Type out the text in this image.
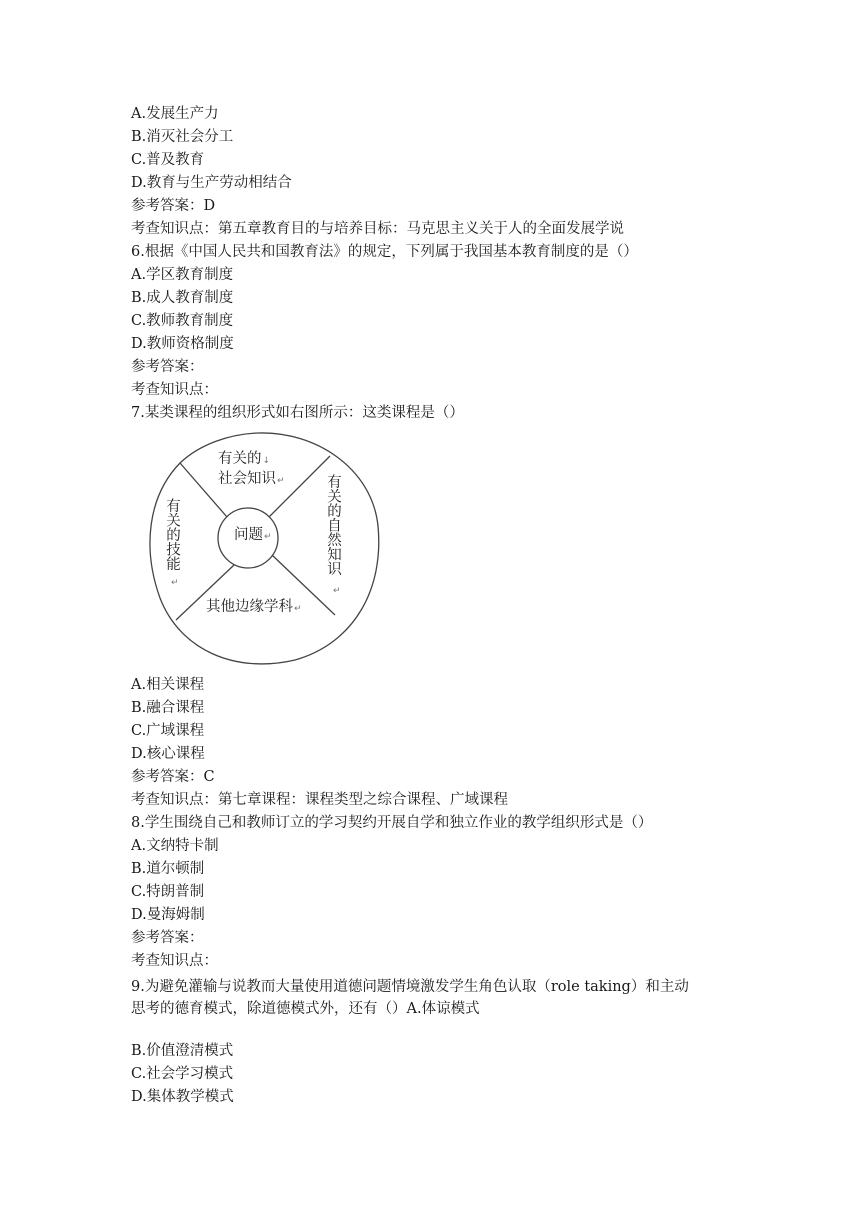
A.发展生产力
B.消灭社会分工
C.普及教育
D.教育与生产劳动相结合
参考答案：D
考查知识点：第五章教育目的与培养目标：马克思主义关于人的全面发展学说
6.根据《中国人民共和国教育法》的规定，下列属于我国基本教育制度的是（）
A.学区教育制度
B.成人教育制度
C.教师教育制度
D.教师资格制度
参考答案：
考查知识点：
7.某类课程的组织形式如右图所示：这类课程是（）
有关的↓
社会知识↵	有关的自然知识
↵
有关的技能
↵
其他边缘学科↵
问题↵
A.相关课程
B.融合课程
C.广域课程
D.核心课程
参考答案：C
考查知识点：第七章课程：课程类型之综合课程、广域课程
8.学生围绕自己和教师订立的学习契约开展自学和独立作业的教学组织形式是（）
A.文纳特卡制
B.道尔顿制
C.特朗普制
D.曼海姆制
参考答案：
考查知识点：
9.为避免灌输与说教而大量使用道德问题情境激发学生角色认取（role taking）和主动
思考的德育模式，除道德模式外，还有（）A.体谅模式
B.价值澄清模式
C.社会学习模式
D.集体教学模式
